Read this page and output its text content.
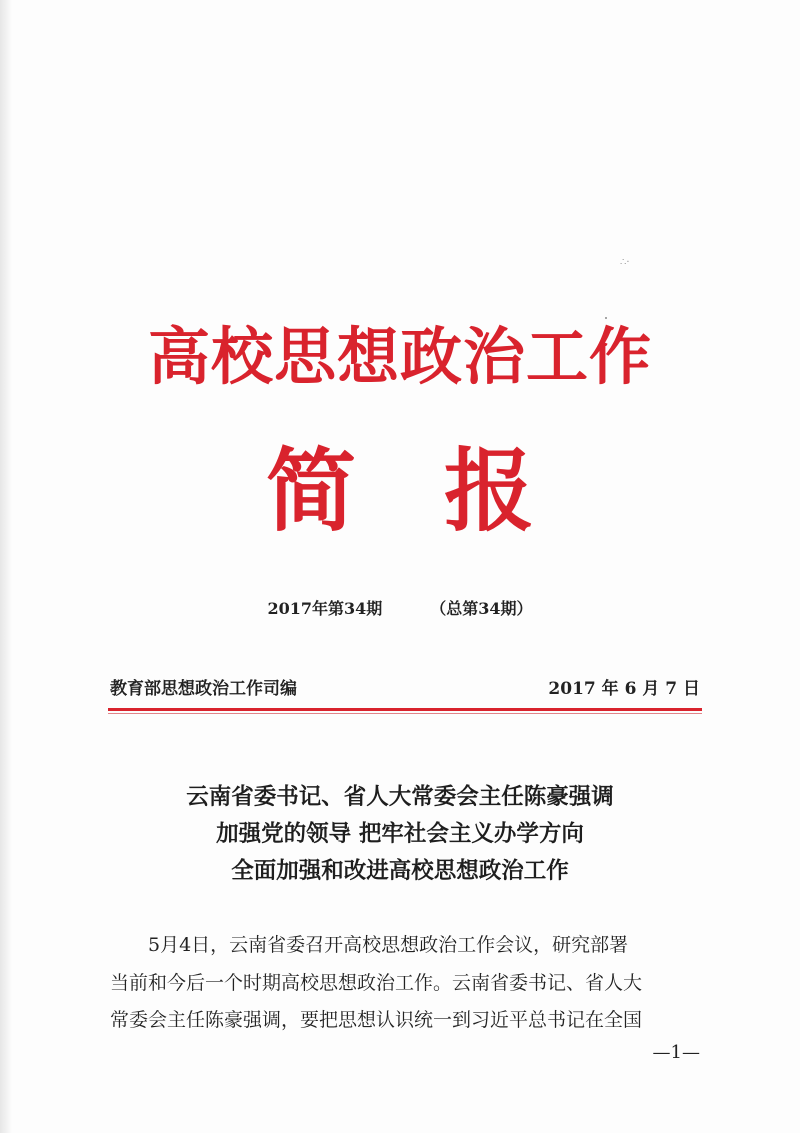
∴·
高校思想政治工作
简报
2017年第34期	（总第34期）
教育部思想政治工作司编	2017 年 6 月 7 日
云南省委书记、省人大常委会主任陈豪强调
加强党的领导 把牢社会主义办学方向
全面加强和改进高校思想政治工作
5月4日，云南省委召开高校思想政治工作会议，研究部署
当前和今后一个时期高校思想政治工作。云南省委书记、省人大
常委会主任陈豪强调，要把思想认识统一到习近平总书记在全国
—1—
